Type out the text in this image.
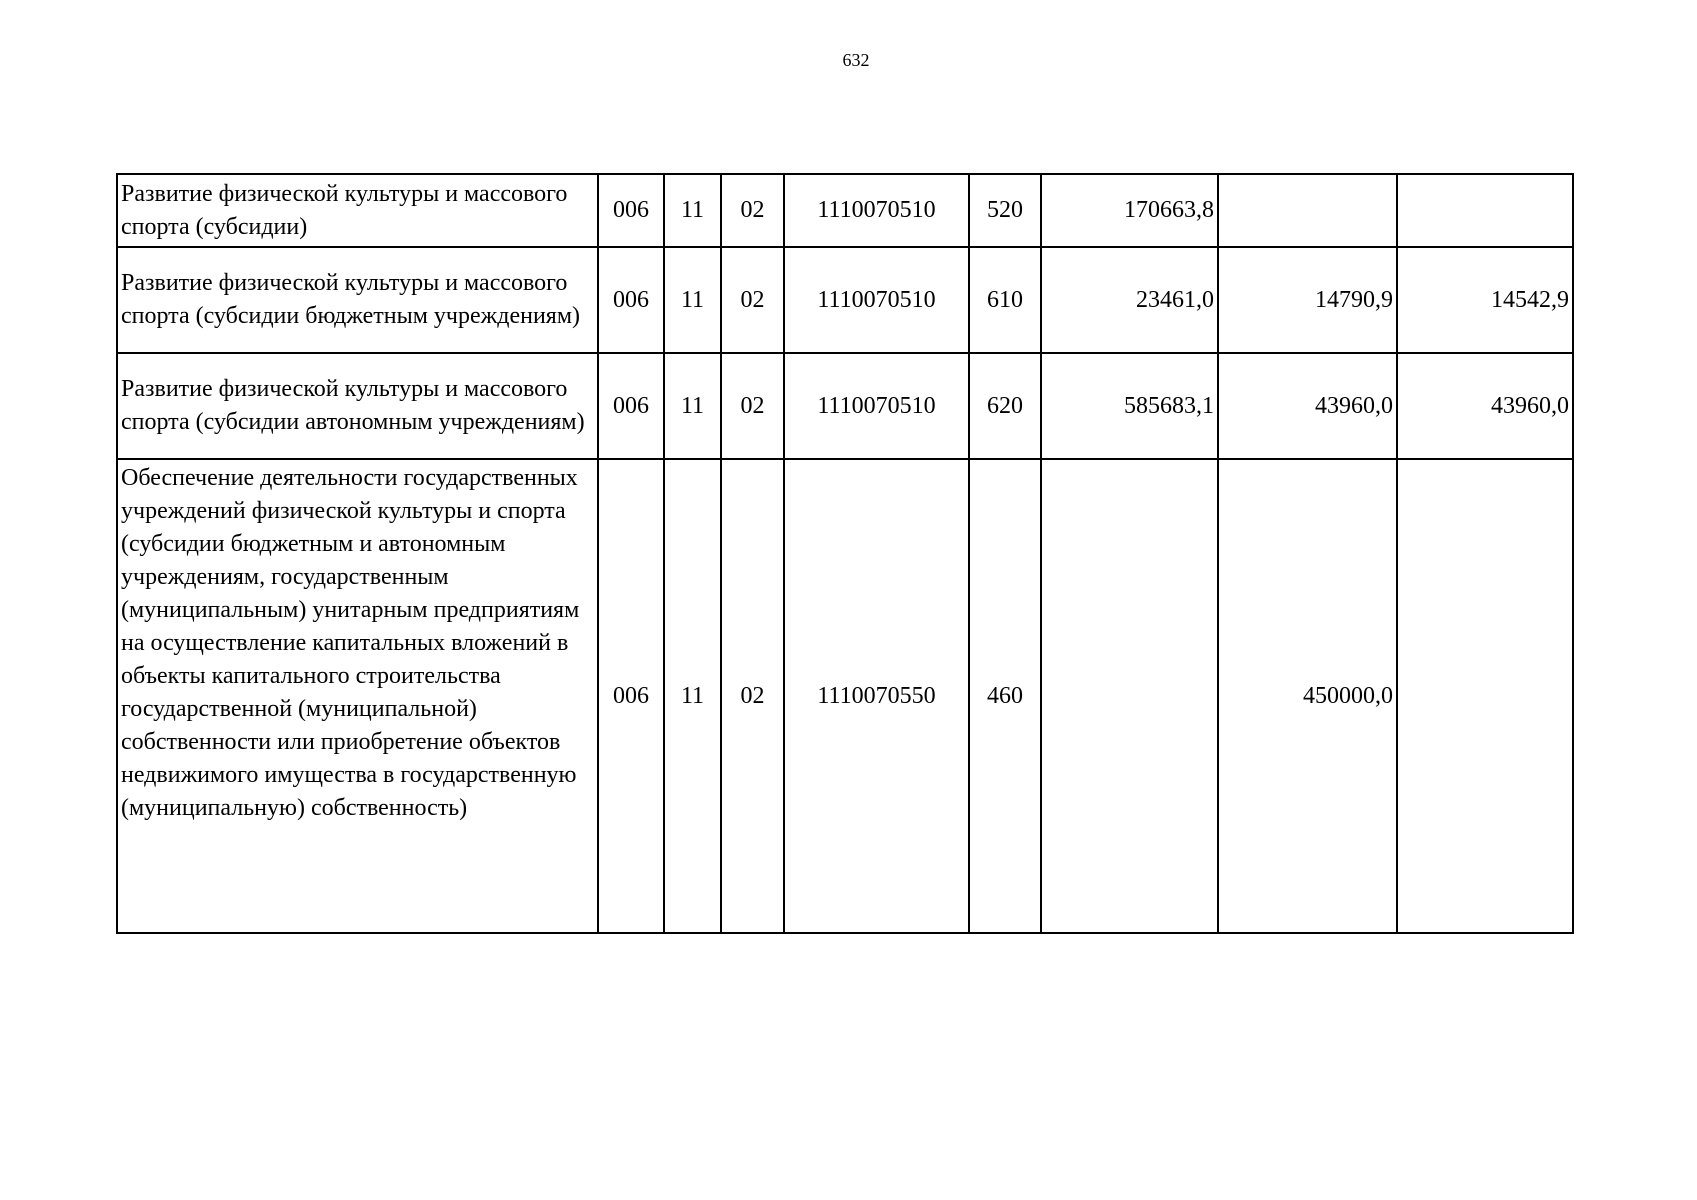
632
Развитие физической культуры и массового спорта (субсидии)	006	11	02	1110070510	520	170663,8		
Развитие физической культуры и массового спорта (субсидии бюджетным учреждениям)	006	11	02	1110070510	610	23461,0	14790,9	14542,9
Развитие физической культуры и массового спорта (субсидии автономным учреждениям)	006	11	02	1110070510	620	585683,1	43960,0	43960,0
Обеспечение деятельности государственных учреждений физической культуры и спорта (субсидии бюджетным и автономным учреждениям, государственным (муниципальным) унитарным предприятиям на осуществление капитальных вложений в объекты капитального строительства государственной (муниципальной) собственности или приобретение объектов недвижимого имущества в государственную (муниципальную) собственность)	006	11	02	1110070550	460		450000,0	
